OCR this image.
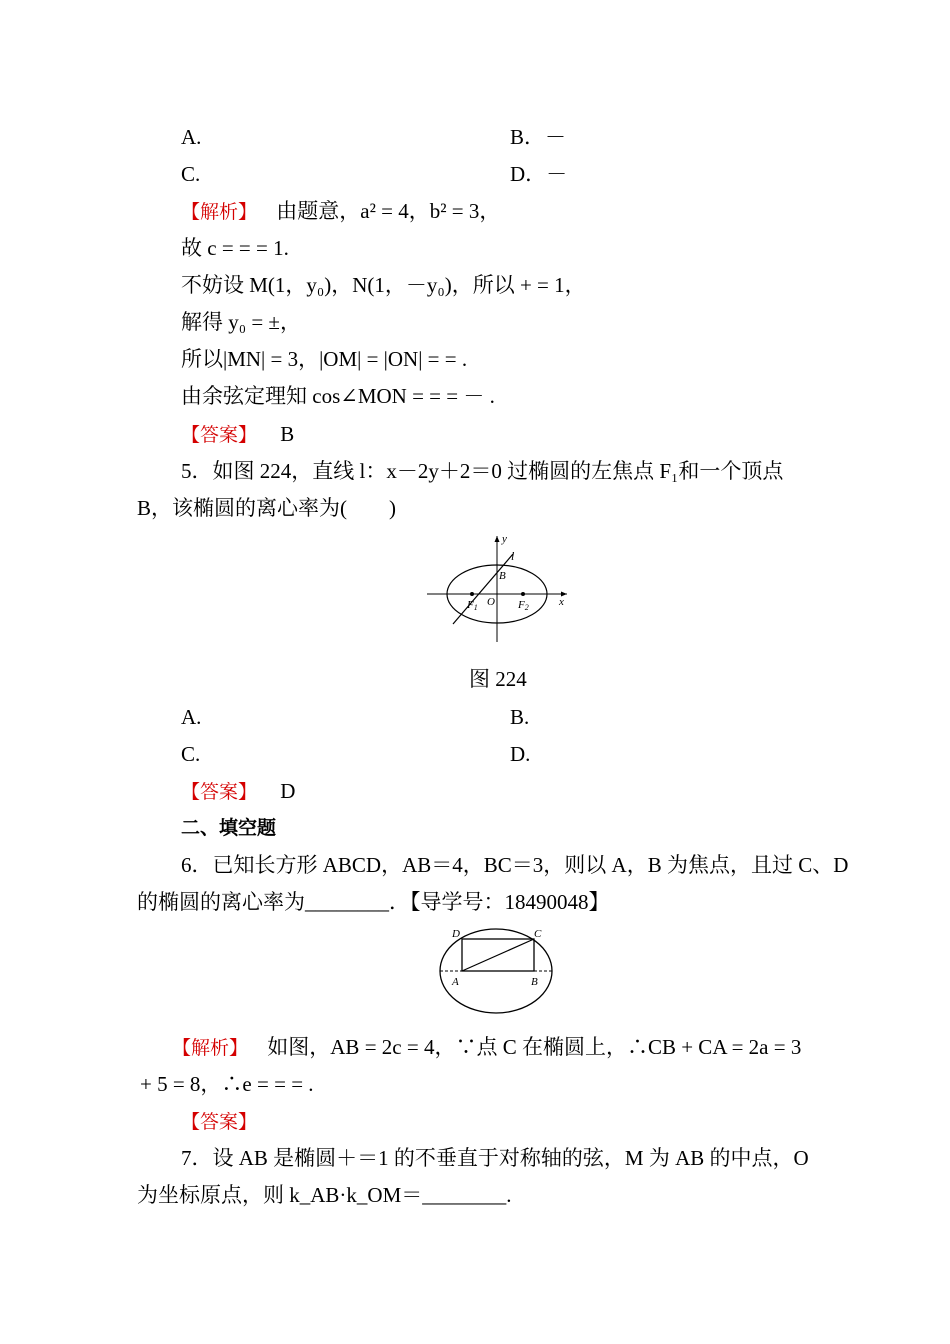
A.	B．－
C.	D．－
【解析】 由题意，a² = 4，b² = 3，
故 c = = = 1.
不妨设 M(1，y₀)，N(1，－y₀)，所以 + = 1，
解得 y₀ = ±，
所以|MN| = 3，|OM| = |ON| = = .
由余弦定理知 cos∠MON = = = － .
【答案】 B
5．如图 224，直线 l：x－2y＋2＝0 过椭圆的左焦点 F₁和一个顶点
B，该椭圆的离心率为(　　)
y
l
B
F1 O F2	x
图 224
A.	B.
C.	D.
【答案】 D
二、填空题
6．已知长方形 ABCD，AB＝4，BC＝3，则以 A，B 为焦点，且过 C、D
的椭圆的离心率为________．【导学号：18490048】
D	C
A	B
【解析】 如图，AB = 2c = 4，∵点 C 在椭圆上，∴CB + CA = 2a = 3
+ 5 = 8，∴e = = = .
【答案】
7．设 AB 是椭圆＋＝1 的不垂直于对称轴的弦，M 为 AB 的中点，O
为坐标原点，则 k_AB·k_OM＝________.
